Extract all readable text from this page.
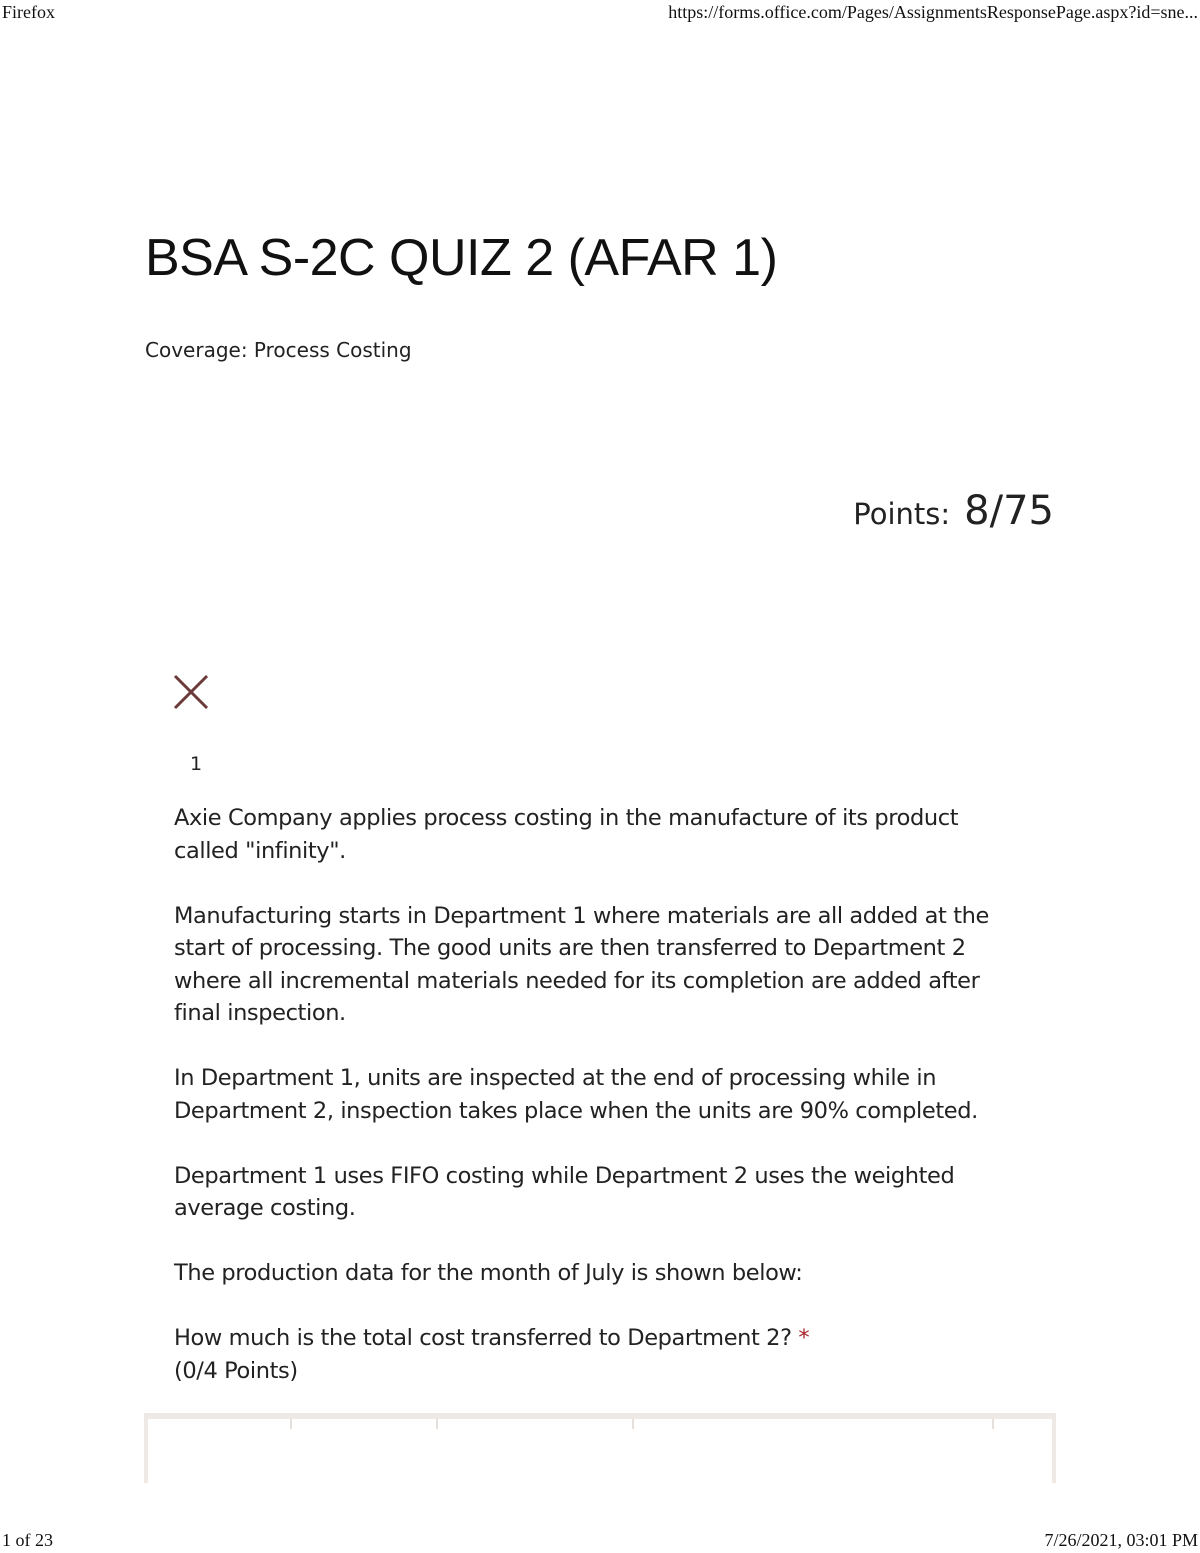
Firefox	https://forms.office.com/Pages/AssignmentsResponsePage.aspx?id=sne...
BSA S-2C QUIZ 2 (AFAR 1)
Coverage: Process Costing
Points: 8/75
1

Axie Company applies process costing in the manufacture of its product called "infinity".

Manufacturing starts in Department 1 where materials are all added at the start of processing. The good units are then transferred to Department 2 where all incremental materials needed for its completion are added after final inspection.

In Department 1, units are inspected at the end of processing while in Department 2, inspection takes place when the units are 90% completed.

Department 1 uses FIFO costing while Department 2 uses the weighted average costing.

The production data for the month of July is shown below:

How much is the total cost transferred to Department 2? *
(0/4 Points)

1 of 23	7/26/2021, 03:01 PM
